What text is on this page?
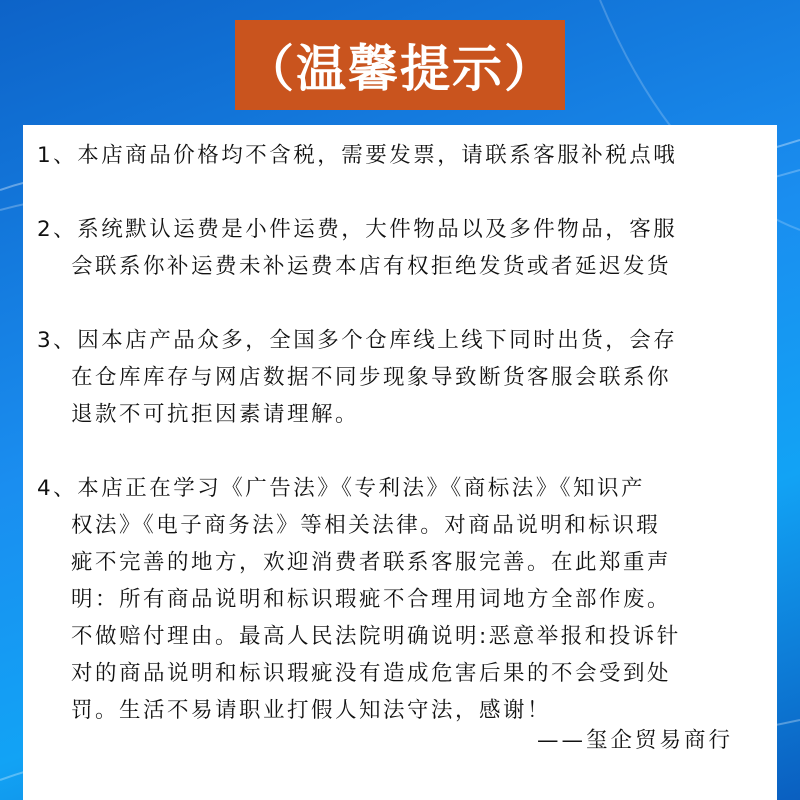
（温馨提示）
1、本店商品价格均不含税，需要发票，请联系客服补税点哦
2、系统默认运费是小件运费，大件物品以及多件物品，客服
会联系你补运费未补运费本店有权拒绝发货或者延迟发货
3、因本店产品众多，全国多个仓库线上线下同时出货，会存
在仓库库存与网店数据不同步现象导致断货客服会联系你
退款不可抗拒因素请理解。
4、本店正在学习《广告法》《专利法》《商标法》《知识产
权法》《电子商务法》等相关法律。对商品说明和标识瑕
疵不完善的地方，欢迎消费者联系客服完善。在此郑重声
明：所有商品说明和标识瑕疵不合理用词地方全部作废。
不做赔付理由。最高人民法院明确说明:恶意举报和投诉针
对的商品说明和标识瑕疵没有造成危害后果的不会受到处
罚。生活不易请职业打假人知法守法，感谢！
——玺企贸易商行
